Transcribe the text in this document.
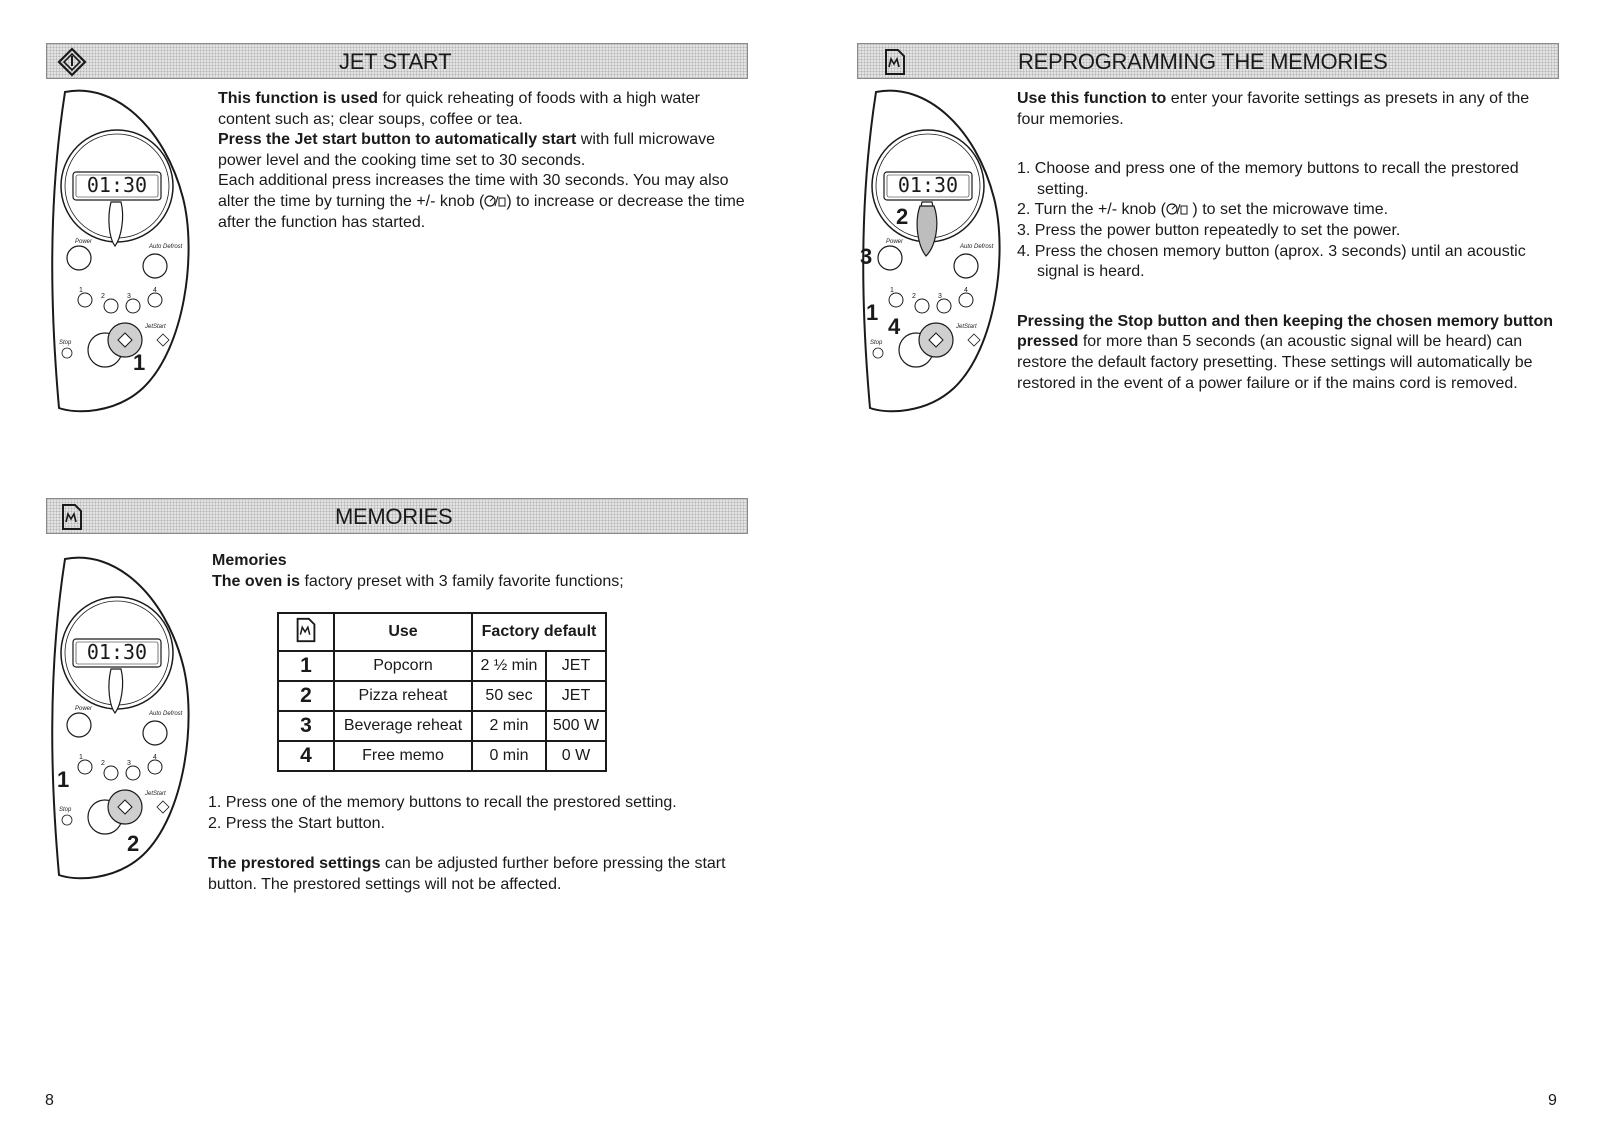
JET START
01:30
Power
Auto Defrost
1
2	3
4
JetStart
Stop
1

This function is used for quick reheating of foods with a high water content such as; clear soups, coffee or tea.

Press the Jet start button to automatically start with full microwave power level and the cooking time set to 30 seconds.

Each additional press increases the time with 30 seconds. You may also alter the time by turning the +/- knob ( ) to increase or decrease the time after the function has started.

MEMORIES
01:30
Power
Auto Defrost
1
2	3
4
JetStart
Stop
1
2

Memories

The oven is factory preset with 3 family favorite functions;

	Use	Factory default	
1	Popcorn	2 ½ min	JET
2	Pizza reheat	50 sec	JET
3	Beverage reheat	2 min	500 W
4	Free memo	0 min	0 W

1. Press one of the memory buttons to recall the prestored setting.

2. Press the Start button.

The prestored settings can be adjusted further before pressing the start button. The prestored settings will not be affected.

REPROGRAMMING THE MEMORIES
01:30
Power
Auto Defrost
1
2	3
4
JetStart
Stop
2
3
1
4

Use this function to enter your favorite settings as presets in any of the four memories.

1. Choose and press one of the memory buttons to recall the prestored setting.

2. Turn the +/- knob ( ) to set the microwave time.

3. Press the power button repeatedly to set the power.

4. Press the chosen memory button (aprox. 3 seconds) until an acoustic signal is heard.

Pressing the Stop button and then keeping the chosen memory button pressed for more than 5 seconds (an acoustic signal will be heard) can restore the default factory presetting. These settings will automatically be restored in the event of a power failure or if the mains cord is removed.

8	9
